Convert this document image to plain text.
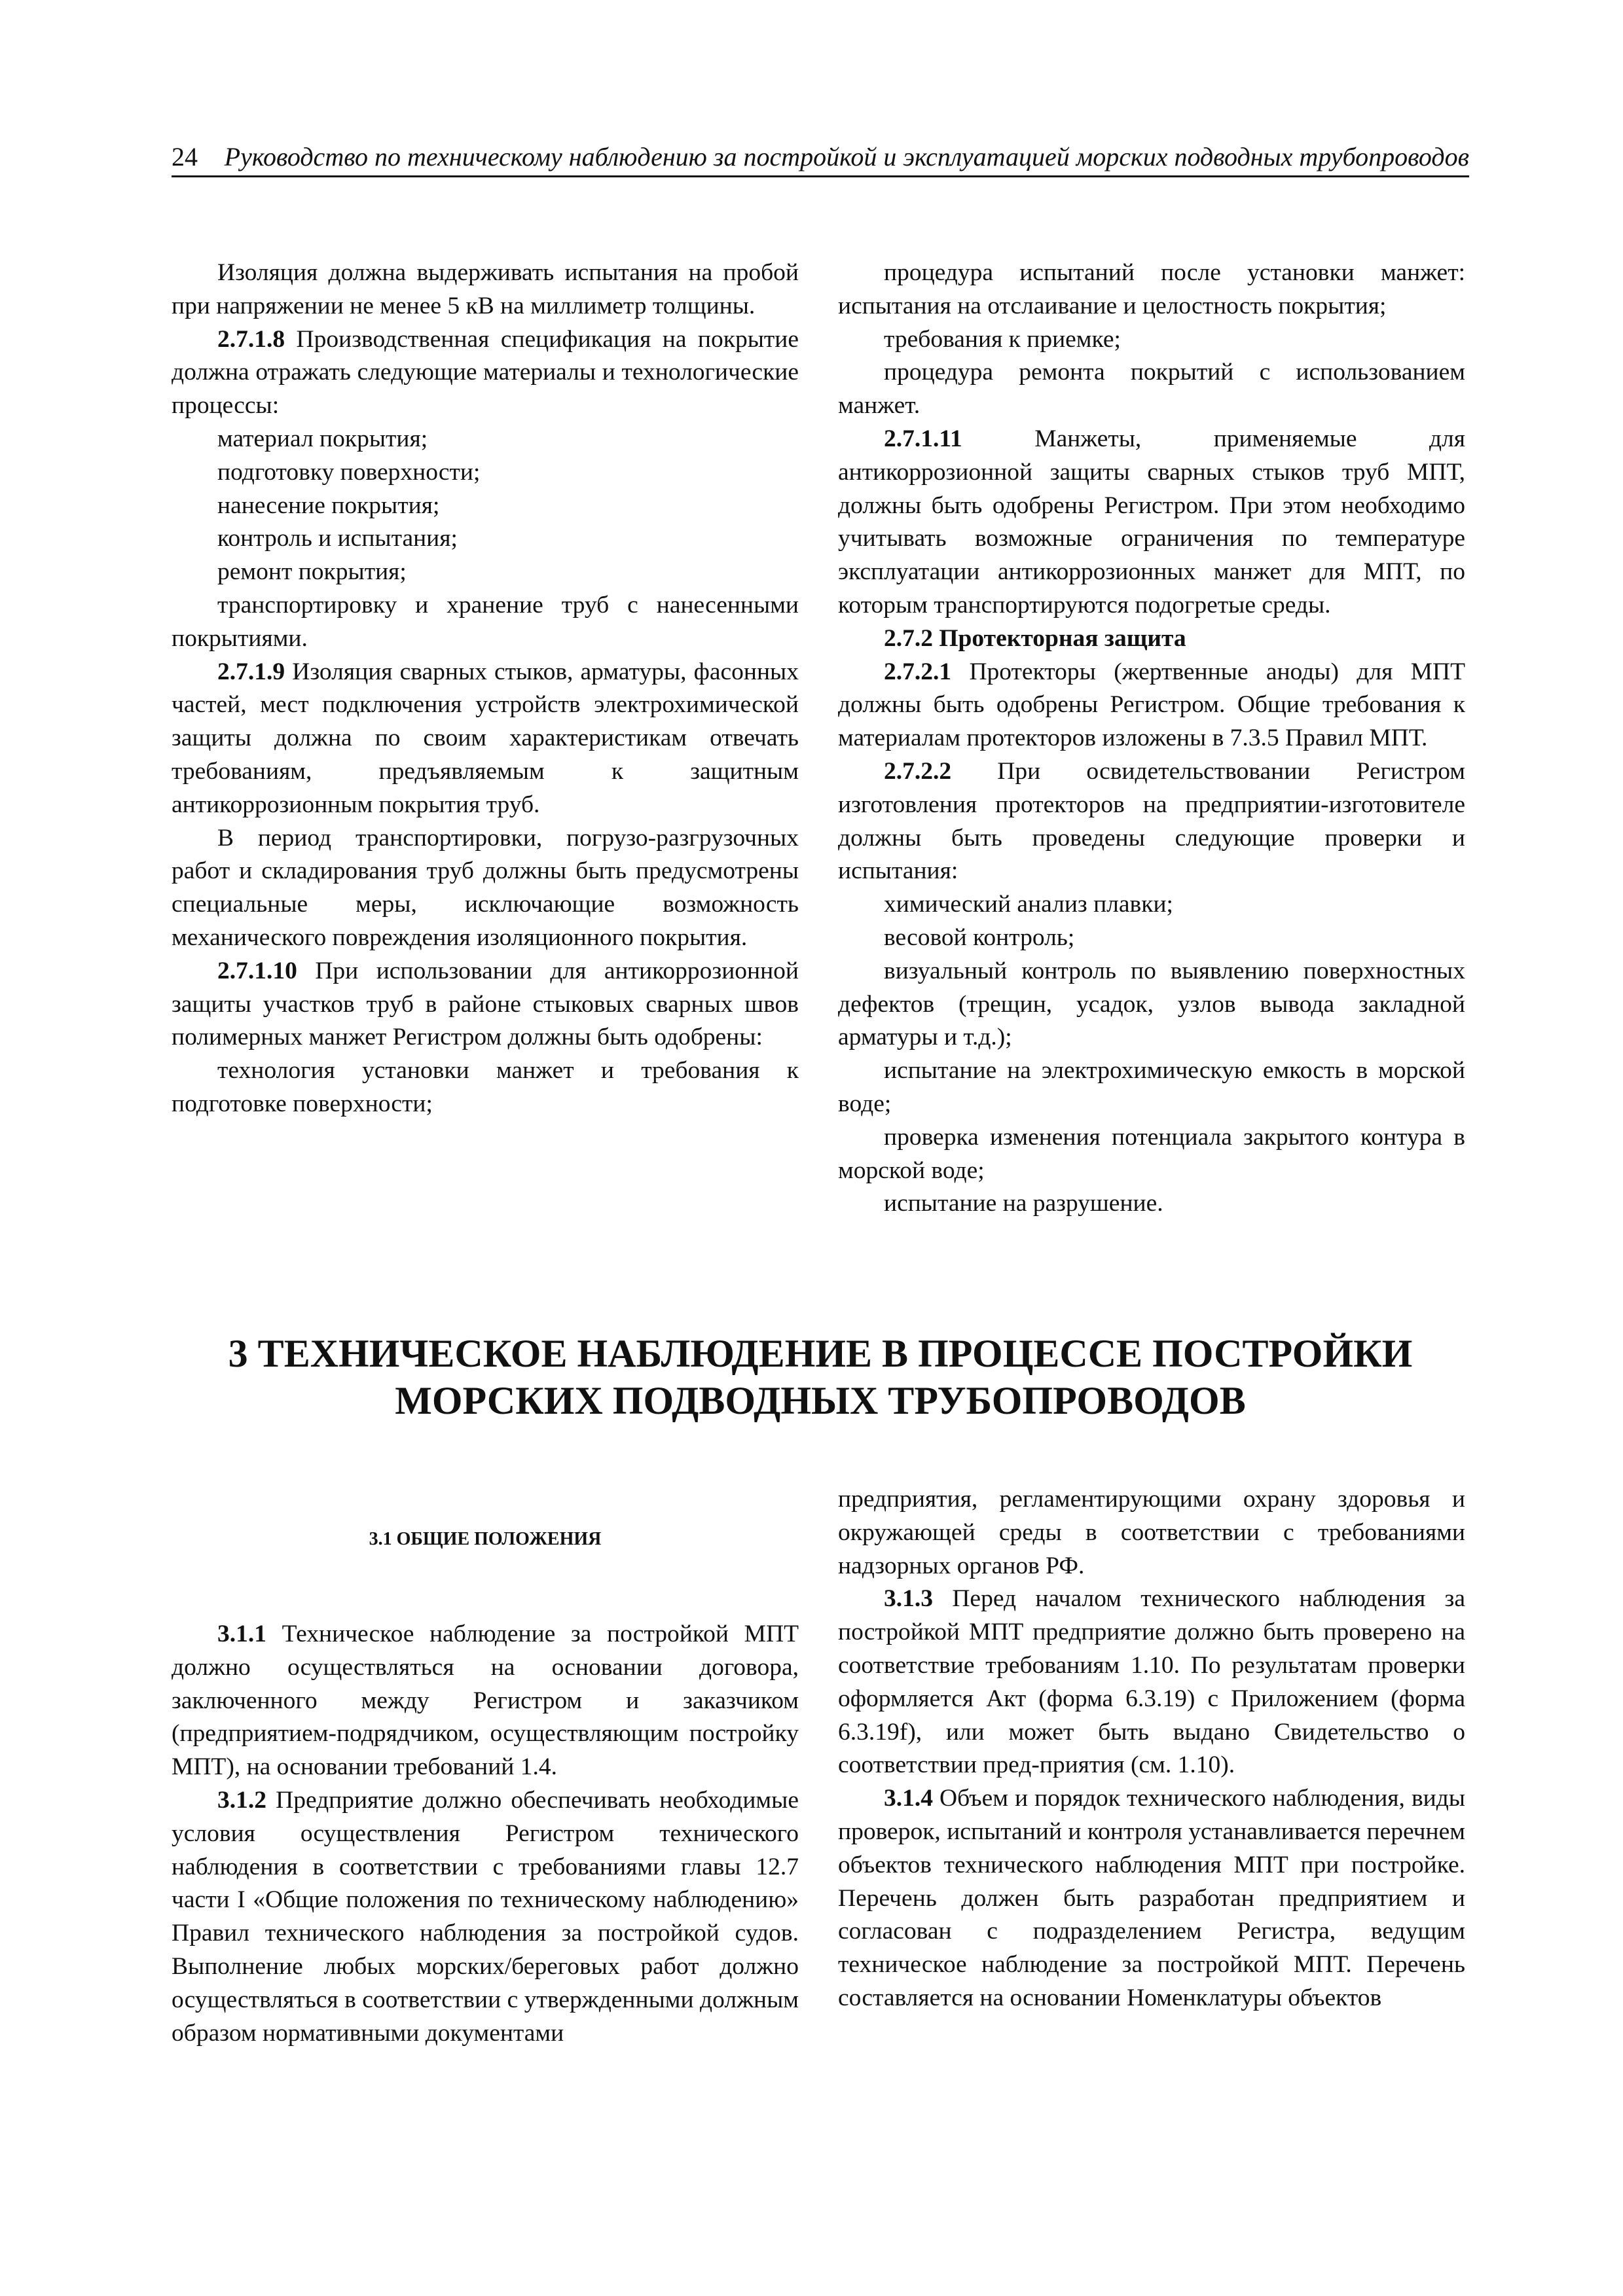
24 Руководство по техническому наблюдению за постройкой и эксплуатацией морских подводных трубопроводов

Изоляция должна выдерживать испытания на пробой при напряжении не менее 5 кВ на миллиметр толщины.

2.7.1.8 Производственная спецификация на покрытие должна отражать следующие материалы и технологические процессы:

материал покрытия;
подготовку поверхности;
нанесение покрытия;
контроль и испытания;
ремонт покрытия;

транспортировку и хранение труб с нанесенными покрытиями.

2.7.1.9 Изоляция сварных стыков, арматуры, фасонных частей, мест подключения устройств электрохимической защиты должна по своим характеристикам отвечать требованиям, предъявляемым к защитным антикоррозионным покрытия труб.

В период транспортировки, погрузо-разгрузочных работ и складирования труб должны быть предусмотрены специальные меры, исключающие возможность механического повреждения изоляционного покрытия.

2.7.1.10 При использовании для антикоррозионной защиты участков труб в районе стыковых сварных швов полимерных манжет Регистром должны быть одобрены:

технология установки манжет и требования к подготовке поверхности;

процедура испытаний после установки манжет: испытания на отслаивание и целостность покрытия;

требования к приемке;

процедура ремонта покрытий с использованием манжет.

2.7.1.11 Манжеты, применяемые для антикоррозионной защиты сварных стыков труб МПТ, должны быть одобрены Регистром. При этом необходимо учитывать возможные ограничения по температуре эксплуатации антикоррозионных манжет для МПТ, по которым транспортируются подогретые среды.

2.7.2 Протекторная защита

2.7.2.1 Протекторы (жертвенные аноды) для МПТ должны быть одобрены Регистром. Общие требования к материалам протекторов изложены в 7.3.5 Правил МПТ.

2.7.2.2 При освидетельствовании Регистром изготовления протекторов на предприятии-изготовителе должны быть проведены следующие проверки и испытания:

химический анализ плавки;

весовой контроль;

визуальный контроль по выявлению поверхностных дефектов (трещин, усадок, узлов вывода закладной арматуры и т.д.);

испытание на электрохимическую емкость в морской воде;

проверка изменения потенциала закрытого контура в морской воде;

испытание на разрушение.

3 ТЕХНИЧЕСКОЕ НАБЛЮДЕНИЕ В ПРОЦЕССЕ ПОСТРОЙКИ
МОРСКИХ ПОДВОДНЫХ ТРУБОПРОВОДОВ
3.1 ОБЩИЕ ПОЛОЖЕНИЯ

3.1.1 Техническое наблюдение за постройкой МПТ должно осуществляться на основании договора, заключенного между Регистром и заказчиком (предприятием-подрядчиком, осуществляющим постройку МПТ), на основании требований 1.4.

3.1.2 Предприятие должно обеспечивать необходимые условия осуществления Регистром технического наблюдения в соответствии с требованиями главы 12.7 части I «Общие положения по техническому наблюдению» Правил технического наблюдения за постройкой судов. Выполнение любых морских/береговых работ должно осуществляться в соответствии с утвержденными должным образом нормативными документами

предприятия, регламентирующими охрану здоровья и окружающей среды в соответствии с требованиями надзорных органов РФ.

3.1.3 Перед началом технического наблюдения за постройкой МПТ предприятие должно быть проверено на соответствие требованиям 1.10. По результатам проверки оформляется Акт (форма 6.3.19) с Приложением (форма 6.3.19f), или может быть выдано Свидетельство о соответствии пред-приятия (см. 1.10).

3.1.4 Объем и порядок технического наблюдения, виды проверок, испытаний и контроля устанавливается перечнем объектов технического наблюдения МПТ при постройке. Перечень должен быть разработан предприятием и согласован с подразделением Регистра, ведущим техническое наблюдение за постройкой МПТ. Перечень составляется на основании Номенклатуры объектов
